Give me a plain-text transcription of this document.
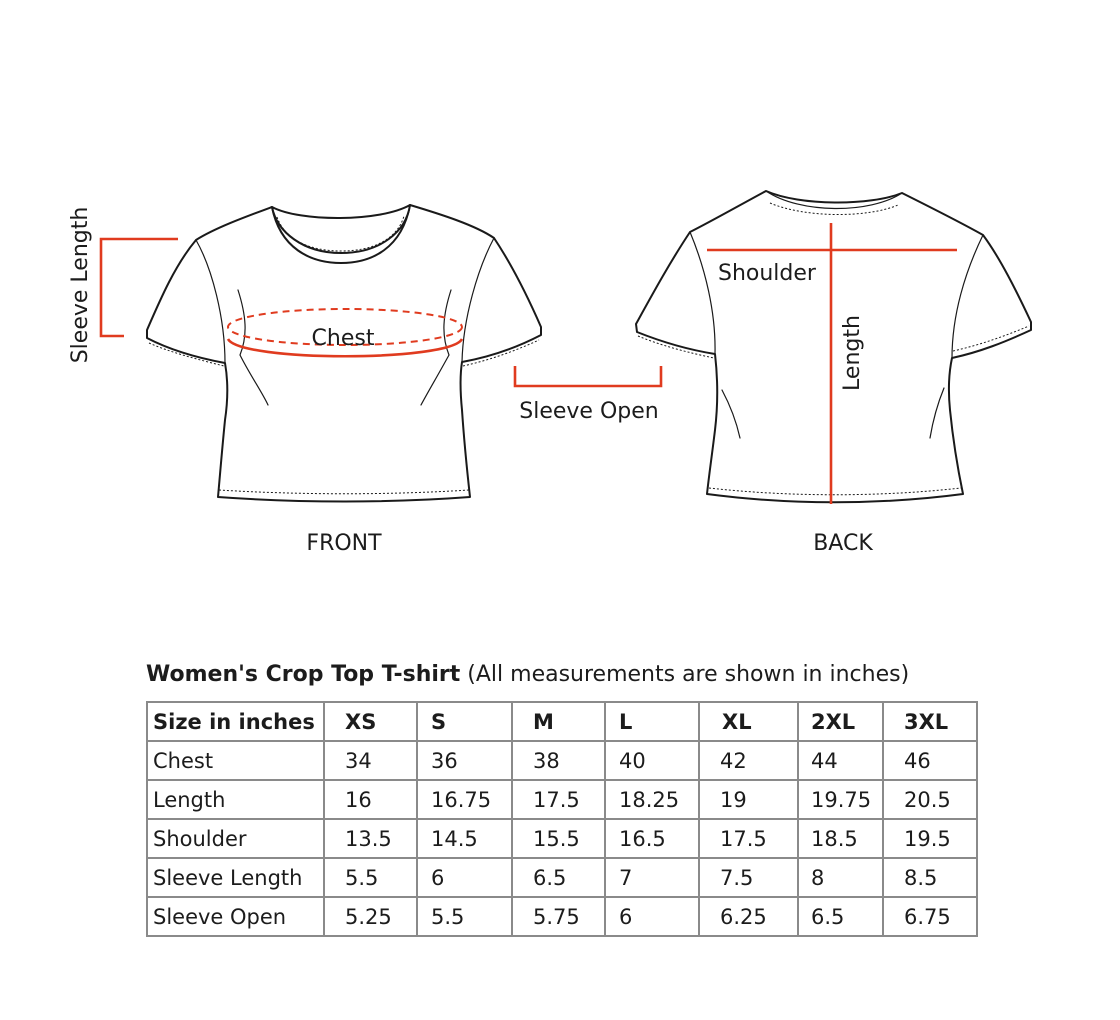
Sleeve Length	Chest
Sleeve Open
Shoulder
Length
FRONT	BACK
Women's Crop Top T-shirt (All measurements are shown in inches)
Size in inches	XS	S	M	L	XL	2XL	3XL
Chest	34	36	38	40	42	44	46
Length	16	16.75	17.5	18.25	19	19.75	20.5
Shoulder	13.5	14.5	15.5	16.5	17.5	18.5	19.5
Sleeve Length	5.5	6	6.5	7	7.5	8	8.5
Sleeve Open	5.25	5.5	5.75	6	6.25	6.5	6.75
